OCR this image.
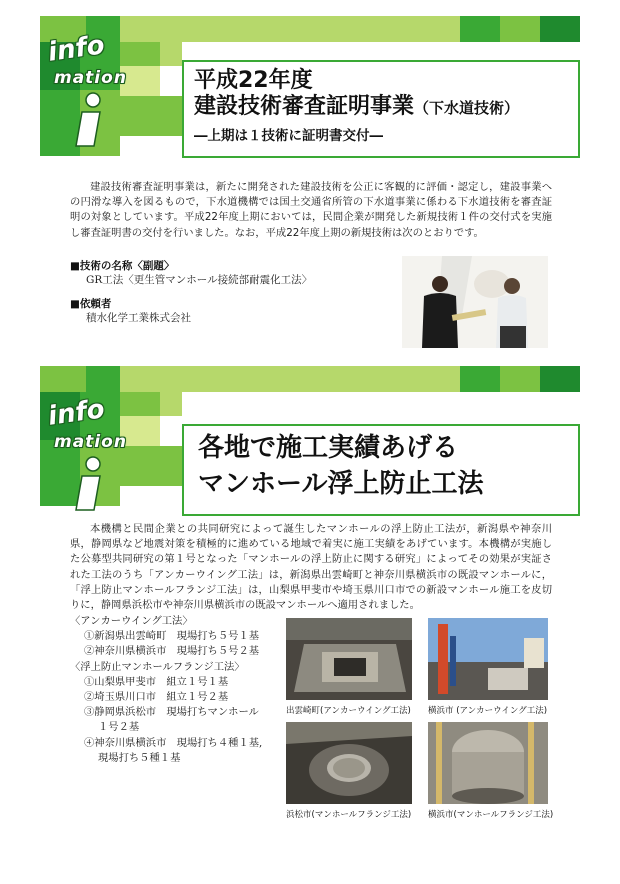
info
mation	平成22年度
建設技術審査証明事業（下水道技術）
―上期は１技術に証明書交付―

建設技術審査証明事業は，新たに開発された建設技術を公正に客観的に評価・認定し，建設事業への円滑な導入を図るもので，下水道機構では国土交通省所管の下水道事業に係わる下水道技術を審査証明の対象としています。平成22年度上期においては，民間企業が開発した新規技術１件の交付式を実施し審査証明書の交付を行いました。なお，平成22年度上期の新規技術は次のとおりです。

■技術の名称〈副題〉
GR工法〈更生管マンホール接続部耐震化工法〉
■依頼者
積水化学工業株式会社
info
mation	各地で施工実績あげる
マンホール浮上防止工法

本機構と民間企業との共同研究によって誕生したマンホールの浮上防止工法が，新潟県や神奈川県，静岡県など地震対策を積極的に進めている地域で着実に施工実績をあげています。本機構が実施した公募型共同研究の第１号となった「マンホールの浮上防止に関する研究」によってその効果が実証された工法のうち「アンカーウイング工法」は，新潟県出雲崎町と神奈川県横浜市の既設マンホールに，「浮上防止マンホールフランジ工法」は，山梨県甲斐市や埼玉県川口市での新設マンホール施工を皮切りに，静岡県浜松市や神奈川県横浜市の既設マンホールへ適用されました。

〈アンカーウイング工法〉
①新潟県出雲崎町　現場打ち５号１基
②神奈川県横浜市　現場打ち５号２基
〈浮上防止マンホールフランジ工法〉
①山梨県甲斐市　組立１号１基
②埼玉県川口市　組立１号２基
③静岡県浜松市　現場打ちマンホール
１号２基
④神奈川県横浜市　現場打ち４種１基,
現場打ち５種１基
出雲崎町(アンカーウイング工法) 横浜市 (アンカーウイング工法)
浜松市(マンホールフランジ工法) 横浜市(マンホールフランジ工法)
